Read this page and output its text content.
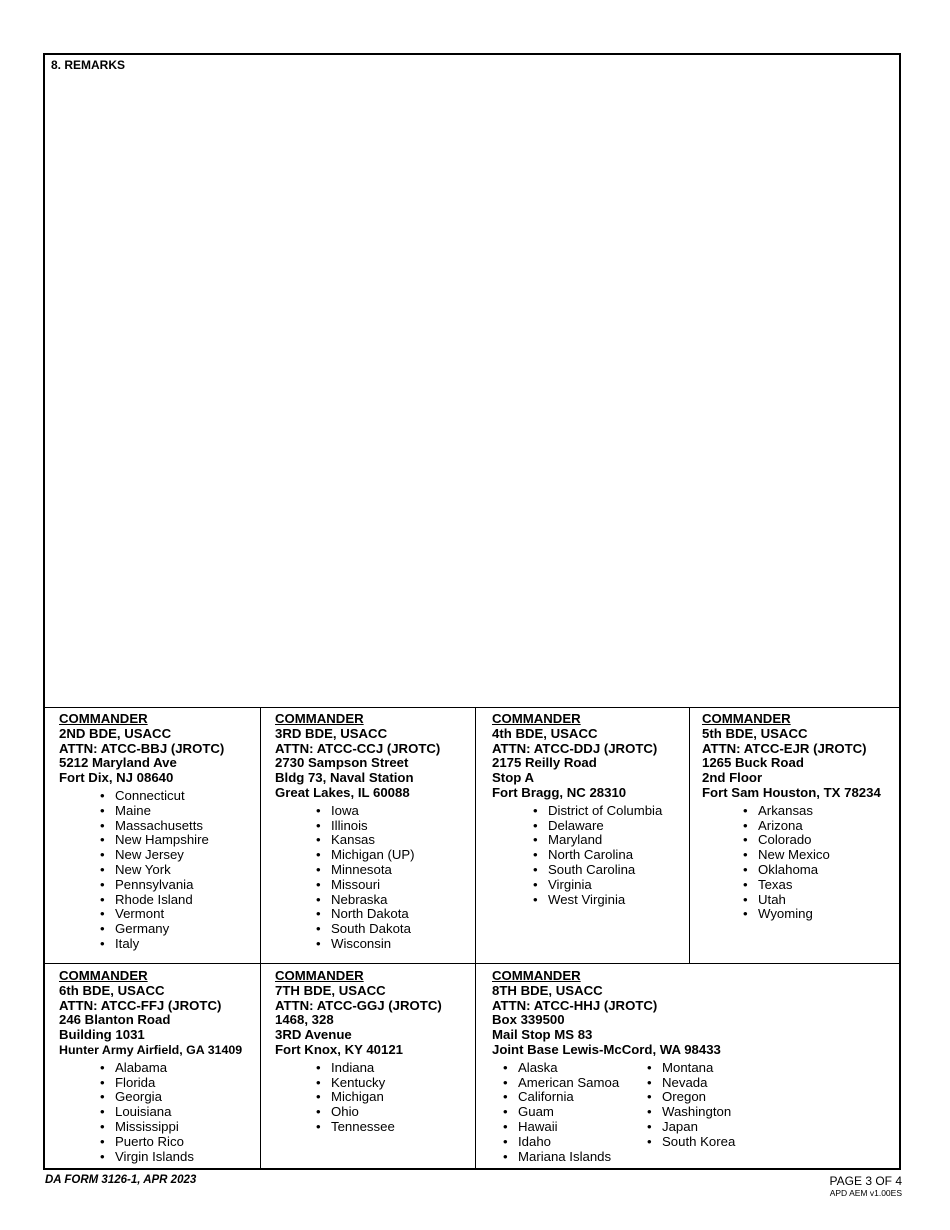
8. REMARKS
COMMANDER
2ND BDE, USACC
ATTN: ATCC-BBJ (JROTC)
5212 Maryland Ave
Fort Dix, NJ 08640
• Connecticut
• Maine
• Massachusetts
• New Hampshire
• New Jersey
• New York
• Pennsylvania
• Rhode Island
• Vermont
• Germany
• Italy
COMMANDER
3RD BDE, USACC
ATTN: ATCC-CCJ (JROTC)
2730 Sampson Street
Bldg 73, Naval Station
Great Lakes, IL 60088
• Iowa
• Illinois
• Kansas
• Michigan (UP)
• Minnesota
• Missouri
• Nebraska
• North Dakota
• South Dakota
• Wisconsin
COMMANDER
4th BDE, USACC
ATTN: ATCC-DDJ (JROTC)
2175 Reilly Road
Stop A
Fort Bragg, NC 28310
• District of Columbia
• Delaware
• Maryland
• North Carolina
• South Carolina
• Virginia
• West Virginia
COMMANDER
5th BDE, USACC
ATTN: ATCC-EJR (JROTC)
1265 Buck Road
2nd Floor
Fort Sam Houston, TX 78234
• Arkansas
• Arizona
• Colorado
• New Mexico
• Oklahoma
• Texas
• Utah
• Wyoming
COMMANDER
6th BDE, USACC
ATTN: ATCC-FFJ (JROTC)
246 Blanton Road
Building 1031
Hunter Army Airfield, GA 31409
• Alabama
• Florida
• Georgia
• Louisiana
• Mississippi
• Puerto Rico
• Virgin Islands
COMMANDER
7TH BDE, USACC
ATTN: ATCC-GGJ (JROTC)
1468, 328
3RD Avenue
Fort Knox, KY 40121
• Indiana
• Kentucky
• Michigan
• Ohio
• Tennessee
COMMANDER
8TH BDE, USACC
ATTN: ATCC-HHJ (JROTC)
Box 339500
Mail Stop MS 83
Joint Base Lewis-McCord, WA 98433
• Alaska
• American Samoa
• California
• Guam
• Hawaii
• Idaho
• Mariana Islands
• Montana
• Nevada
• Oregon
• Washington
• Japan
• South Korea
DA FORM 3126-1, APR 2023	PAGE 3 OF 4
APD AEM v1.00ES
